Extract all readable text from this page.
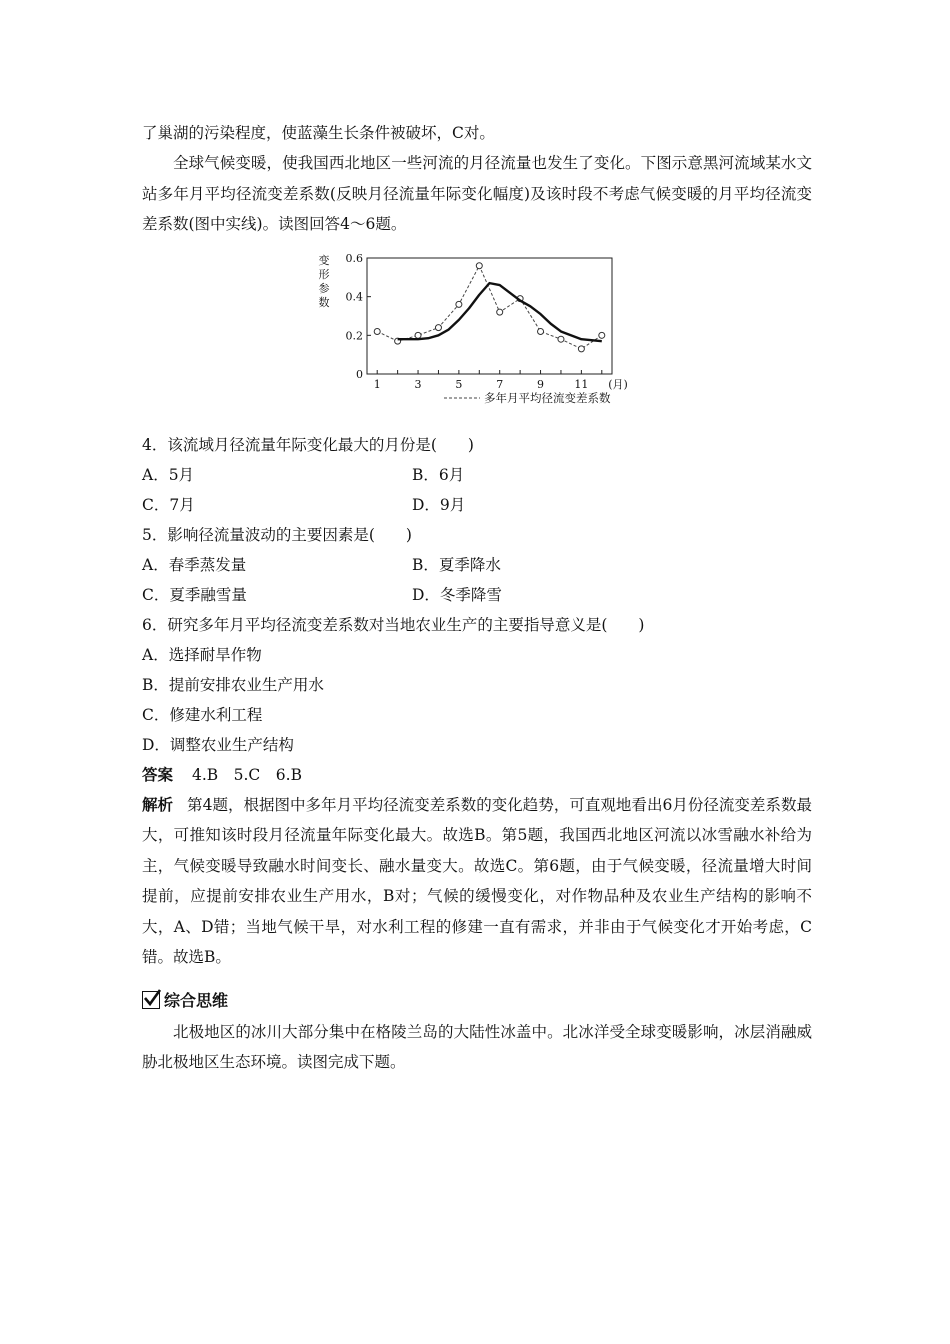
了巢湖的污染程度，使蓝藻生长条件被破坏，C对。
全球气候变暖，使我国西北地区一些河流的月径流量也发生了变化。下图示意黑河流域某水文站多年月平均径流变差系数(反映月径流量年际变化幅度)及该时段不考虑气候变暖的月平均径流变差系数(图中实线)。读图回答4～6题。
变
形
参
数
0
0.2
0.4
0.6
1	3	5	7	9	11 (月)
多年月平均径流变差系数
4．该流域月径流量年际变化最大的月份是(　　)
A．5月	B．6月
C．7月	D．9月
5．影响径流量波动的主要因素是(　　)
A．春季蒸发量	B．夏季降水
C．夏季融雪量	D．冬季降雪
6．研究多年月平均径流变差系数对当地农业生产的主要指导意义是(　　)
A．选择耐旱作物
B．提前安排农业生产用水
C．修建水利工程
D．调整农业生产结构
答案 4.B　5.C　6.B
解析 第4题，根据图中多年月平均径流变差系数的变化趋势，可直观地看出6月份径流变差系数最大，可推知该时段月径流量年际变化最大。故选B。第5题，我国西北地区河流以冰雪融水补给为主，气候变暖导致融水时间变长、融水量变大。故选C。第6题，由于气候变暖，径流量增大时间提前，应提前安排农业生产用水，B对；气候的缓慢变化，对作物品种及农业生产结构的影响不大，A、D错；当地气候干旱，对水利工程的修建一直有需求，并非由于气候变化才开始考虑，C错。故选B。
综合思维
北极地区的冰川大部分集中在格陵兰岛的大陆性冰盖中。北冰洋受全球变暖影响，冰层消融威胁北极地区生态环境。读图完成下题。
